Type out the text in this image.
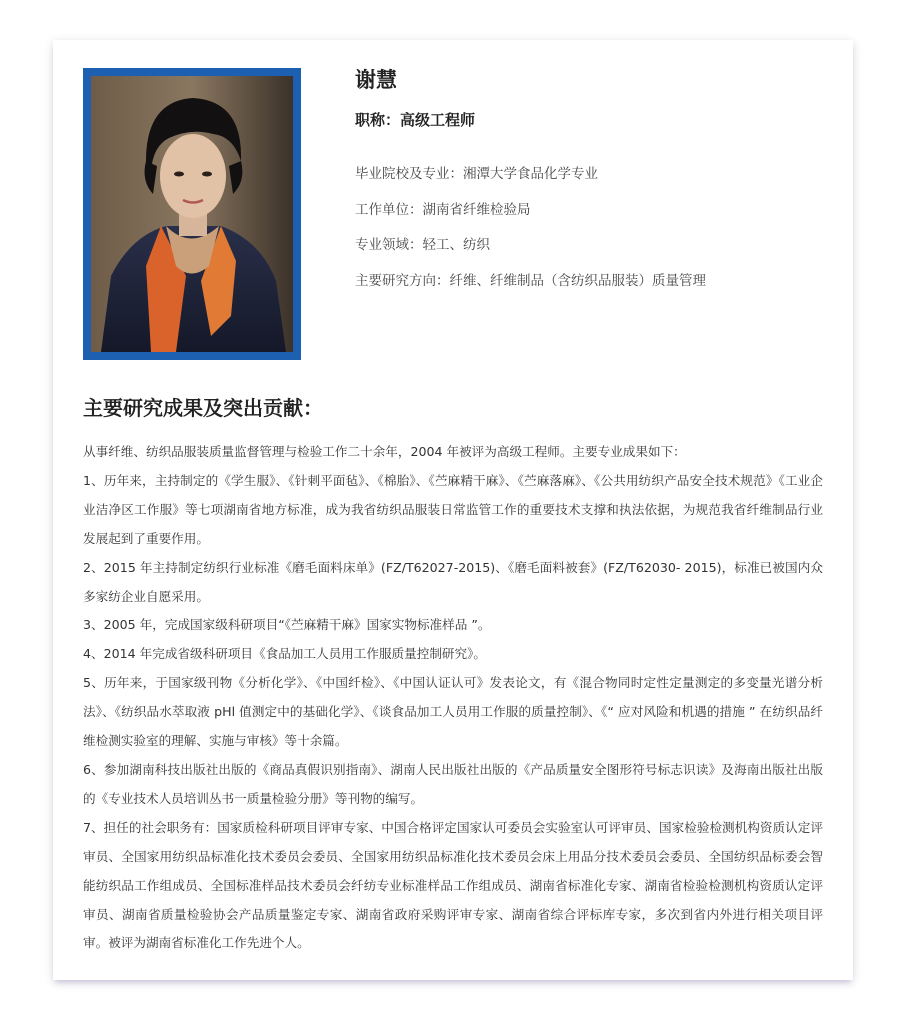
谢慧
职称：高级工程师
毕业院校及专业：湘潭大学食品化学专业
工作单位：湖南省纤维检验局
专业领域：轻工、纺织
主要研究方向：纤维、纤维制品（含纺织品服装）质量管理
主要研究成果及突出贡献：

从事纤维、纺织品服装质量监督管理与检验工作二十余年，2004 年被评为高级工程师。主要专业成果如下：

1、历年来，主持制定的《学生服》、《针刺平面毡》、《棉胎》、《苎麻精干麻》、《苎麻落麻》、《公共用纺织产品安全技术规范》《工业企业洁净区工作服》等七项湖南省地方标准，成为我省纺织品服装日常监管工作的重要技术支撑和执法依据，为规范我省纤维制品行业发展起到了重要作用。

2、2015 年主持制定纺织行业标准《磨毛面料床单》(FZ/T62027-2015)、《磨毛面料被套》(FZ/T62030- 2015)，标准已被国内众多家纺企业自愿采用。

3、2005 年，完成国家级科研项目“《苎麻精干麻》国家实物标准样品 ”。

4、2014 年完成省级科研项目《食品加工人员用工作服质量控制研究》。

5、历年来，于国家级刊物《分析化学》、《中国纤检》、《中国认证认可》发表论文，有《混合物同时定性定量测定的多变量光谱分析法》、《纺织品水萃取液 pHl 值测定中的基础化学》、《谈食品加工人员用工作服的质量控制》、《“ 应对风险和机遇的措施 ” 在纺织品纤维检测实验室的理解、实施与审核》等十余篇。

6、参加湖南科技出版社出版的《商品真假识别指南》、湖南人民出版社出版的《产品质量安全图形符号标志识读》及海南出版社出版的《专业技术人员培训丛书一质量检验分册》等刊物的编写。

7、担任的社会职务有：国家质检科研项目评审专家、中国合格评定国家认可委员会实验室认可评审员、国家检验检测机构资质认定评审员、全国家用纺织品标准化技术委员会委员、全国家用纺织品标准化技术委员会床上用品分技术委员会委员、全国纺织品标委会智能纺织品工作组成员、全国标准样品技术委员会纤纺专业标准样品工作组成员、湖南省标准化专家、湖南省检验检测机构资质认定评审员、湖南省质量检验协会产品质量鉴定专家、湖南省政府采购评审专家、湖南省综合评标库专家，多次到省内外进行相关项目评审。被评为湖南省标准化工作先进个人。
